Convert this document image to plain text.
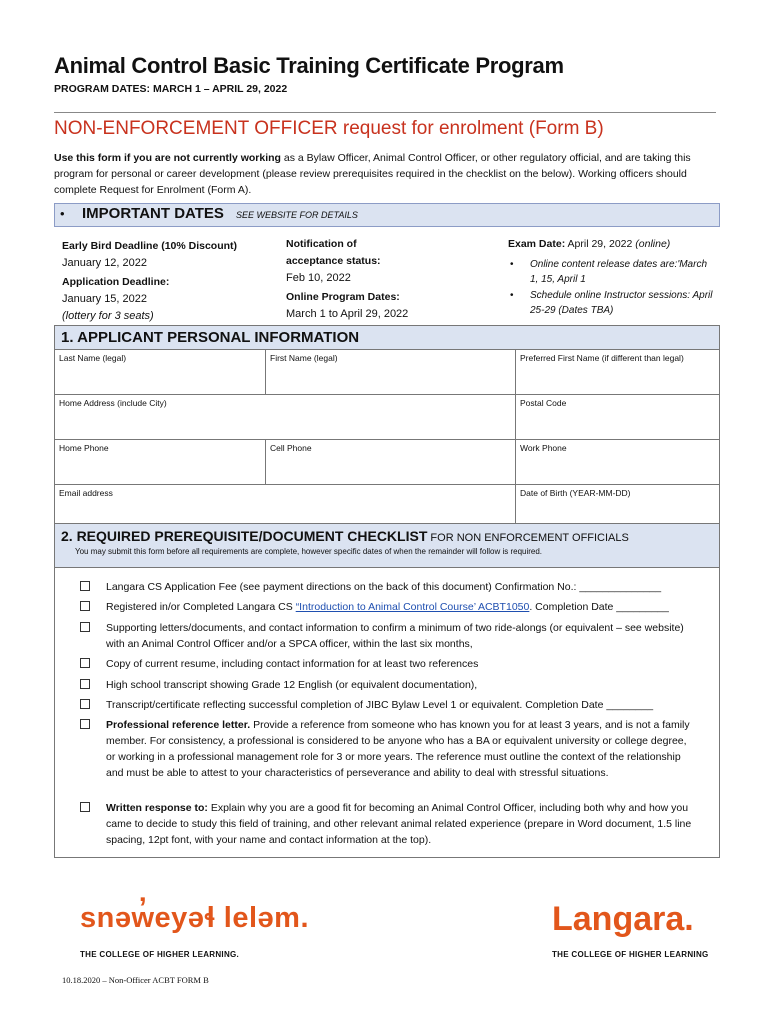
Animal Control Basic Training Certificate Program
PROGRAM DATES: MARCH 1 – APRIL 29, 2022
NON-ENFORCEMENT OFFICER request for enrolment (Form B)
Use this form if you are not currently working as a Bylaw Officer, Animal Control Officer, or other regulatory official, and are taking this program for personal or career development (please review prerequisites required in the checklist on the below). Working officers should complete Request for Enrolment (Form A).
• IMPORTANT DATES SEE WEBSITE FOR DETAILS
Early Bird Deadline (10% Discount)
January 12, 2022
Application Deadline:
January 15, 2022
(lottery for 3 seats)
Notification of acceptance status:
Feb 10, 2022
Online Program Dates:
March 1 to April 29, 2022
Exam Date: April 29, 2022 (online)
• Online content release dates are:'March 1, 15, April 1
• Schedule online Instructor sessions: April 25-29 (Dates TBA)
1. APPLICANT PERSONAL INFORMATION
Last Name (legal)	First Name (legal)	Preferred First Name (if different than legal)
Home Address (include City)	Postal Code
Home Phone	Cell Phone	Work Phone
Email address	Date of Birth (YEAR-MM-DD)
2. REQUIRED PREREQUISITE/DOCUMENT CHECKLIST FOR NON ENFORCEMENT OFFICIALS
You may submit this form before all requirements are complete, however specific dates of when the remainder will follow is required.
Langara CS Application Fee (see payment directions on the back of this document) Confirmation No.: ______________
Registered in/or Completed Langara CS “Introduction to Animal Control Course’ ACBT1050. Completion Date _________
Supporting letters/documents, and contact information to confirm a minimum of two ride-alongs (or equivalent – see website) with an Animal Control Officer and/or a SPCA officer, within the last six months,
Copy of current resume, including contact information for at least two references
High school transcript showing Grade 12 English (or equivalent documentation),
Transcript/certificate reflecting successful completion of JIBC Bylaw Level 1 or equivalent. Completion Date ________
Professional reference letter. Provide a reference from someone who has known you for at least 3 years, and is not a family member. For consistency, a professional is considered to be anyone who has a BA or equivalent university or college degree, or working in a professional management role for 3 or more years. The reference must outline the context of the relationship and must be able to attest to your characteristics of perseverance and ability to deal with stressful situations.
Written response to: Explain why you are a good fit for becoming an Animal Control Officer, including both why and how you came to decide to study this field of training, and other relevant animal related experience (prepare in Word document, 1.5 line spacing, 12pt font, with your name and contact information at the top).
snəw̓eyəɬ leləm.
THE COLLEGE OF HIGHER LEARNING.
Langara.
THE COLLEGE OF HIGHER LEARNING
10.18.2020 – Non-Officer ACBT FORM B
